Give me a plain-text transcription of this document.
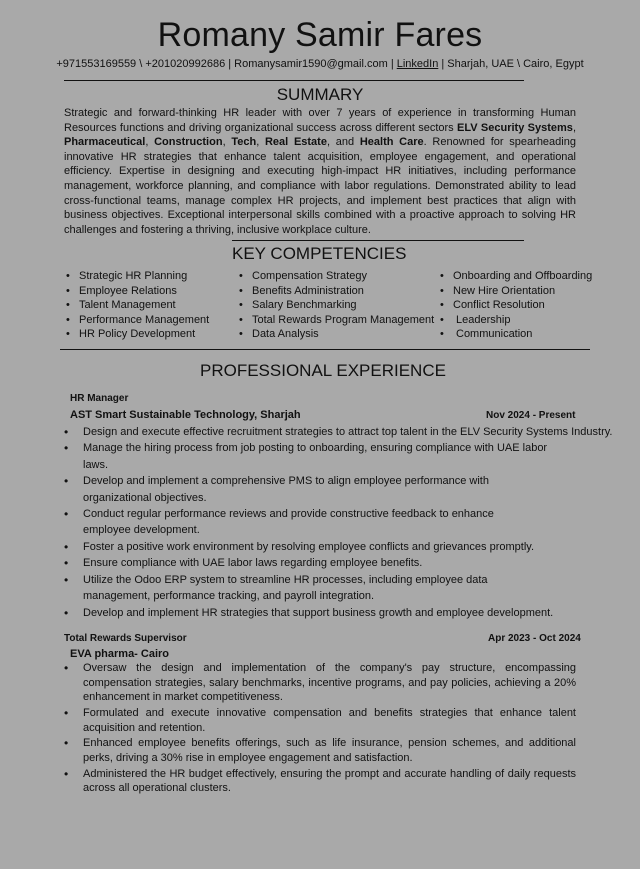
Romany Samir Fares
+971553169559 \ +201020992686 | Romanysamir1590@gmail.com | LinkedIn | Sharjah, UAE \ Cairo, Egypt
SUMMARY
Strategic and forward-thinking HR leader with over 7 years of experience in transforming Human Resources functions and driving organizational success across different sectors ELV Security Systems, Pharmaceutical, Construction, Tech, Real Estate, and Health Care. Renowned for spearheading innovative HR strategies that enhance talent acquisition, employee engagement, and operational efficiency. Expertise in designing and executing high-impact HR initiatives, including performance management, workforce planning, and compliance with labor regulations. Demonstrated ability to lead cross-functional teams, manage complex HR projects, and implement best practices that align with business objectives. Exceptional interpersonal skills combined with a proactive approach to solving HR challenges and fostering a thriving, inclusive workplace culture.
KEY COMPETENCIES
• Strategic HR Planning
• Employee Relations
• Talent Management
• Performance Management
• HR Policy Development
• Compensation Strategy
• Benefits Administration
• Salary Benchmarking
• Total Rewards Program Management
• Data Analysis
• Onboarding and Offboarding
• New Hire Orientation
• Conflict Resolution
• Leadership
• Communication
PROFESSIONAL EXPERIENCE
HR Manager
AST Smart Sustainable Technology, Sharjah	Nov 2024 - Present
• Design and execute effective recruitment strategies to attract top talent in the ELV Security Systems Industry.
• Manage the hiring process from job posting to onboarding, ensuring compliance with UAE labor laws.
• Develop and implement a comprehensive PMS to align employee performance with organizational objectives.
• Conduct regular performance reviews and provide constructive feedback to enhance employee development.
• Foster a positive work environment by resolving employee conflicts and grievances promptly.
• Ensure compliance with UAE labor laws regarding employee benefits.
• Utilize the Odoo ERP system to streamline HR processes, including employee data management, performance tracking, and payroll integration.
• Develop and implement HR strategies that support business growth and employee development.
Total Rewards Supervisor	Apr 2023 - Oct 2024
EVA pharma- Cairo
• Oversaw the design and implementation of the company's pay structure, encompassing compensation strategies, salary benchmarks, incentive programs, and pay policies, achieving a 20% enhancement in market competitiveness.
• Formulated and execute innovative compensation and benefits strategies that enhance talent acquisition and retention.
• Enhanced employee benefits offerings, such as life insurance, pension schemes, and additional perks, driving a 30% rise in employee engagement and satisfaction.
• Administered the HR budget effectively, ensuring the prompt and accurate handling of daily requests across all operational clusters.
